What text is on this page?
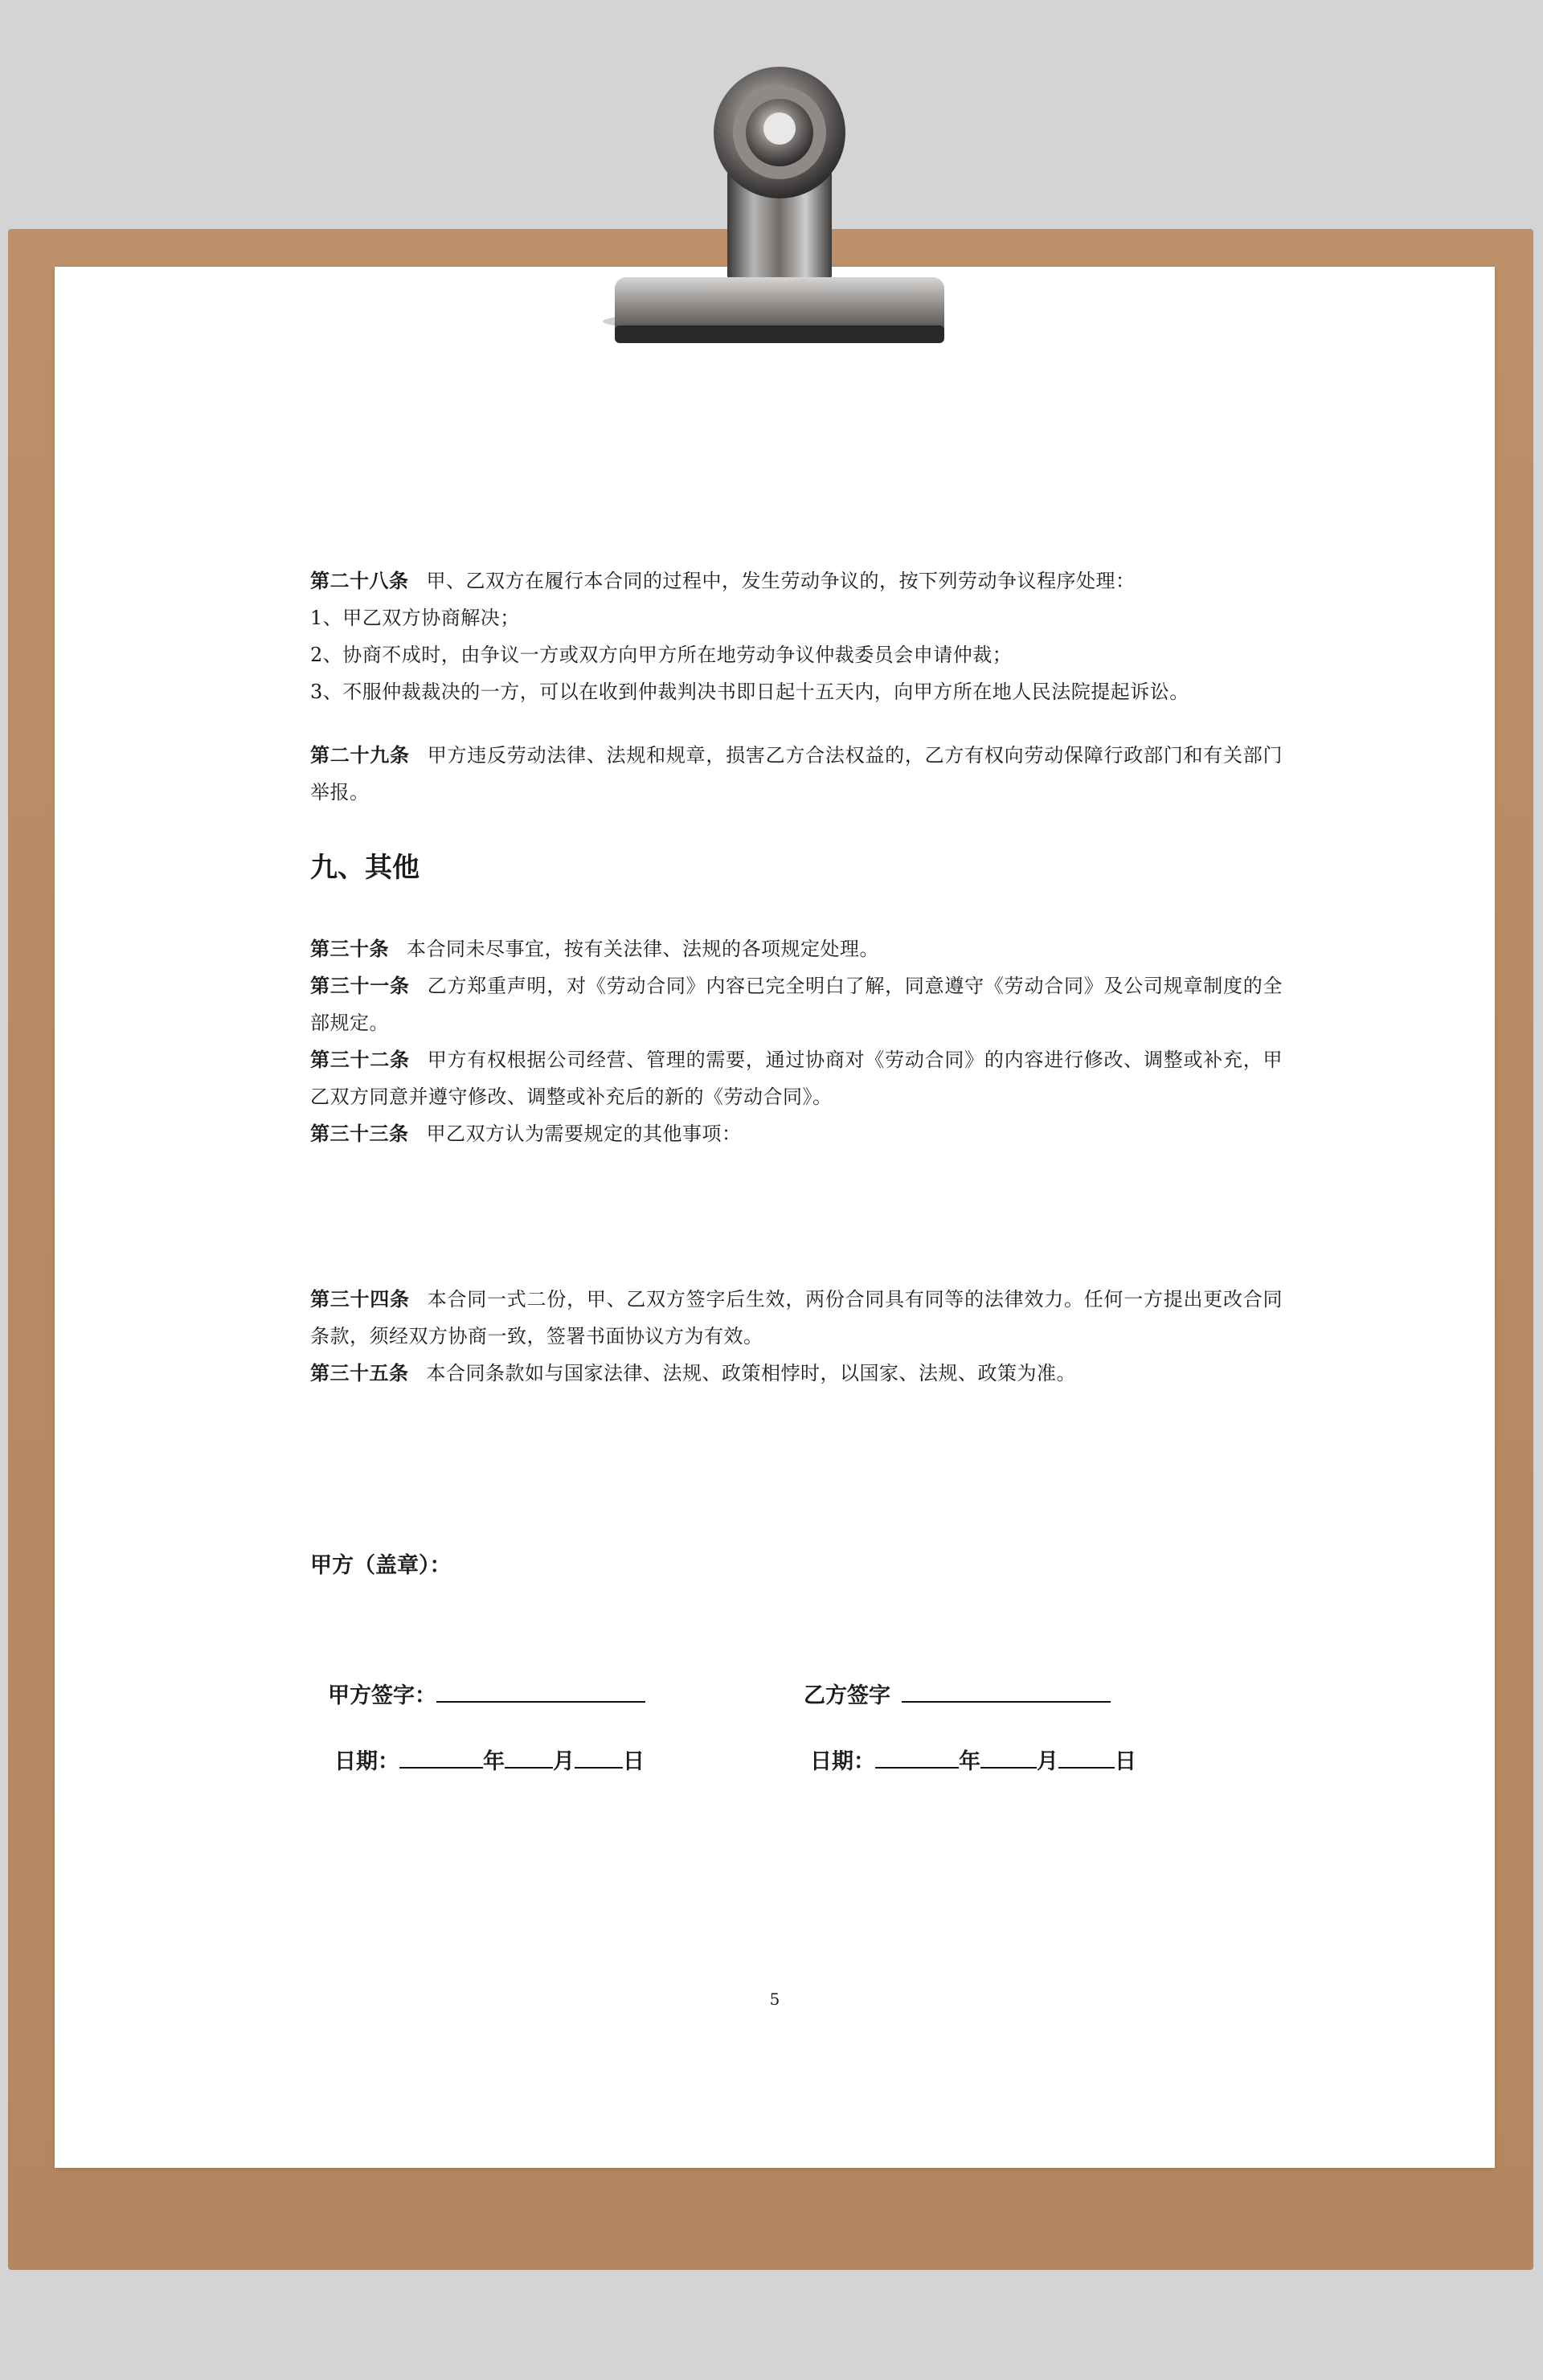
第二十八条 甲、乙双方在履行本合同的过程中，发生劳动争议的，按下列劳动争议程序处理：
1、甲乙双方协商解决；
2、协商不成时，由争议一方或双方向甲方所在地劳动争议仲裁委员会申请仲裁；
3、不服仲裁裁决的一方，可以在收到仲裁判决书即日起十五天内，向甲方所在地人民法院提起诉讼。
第二十九条 甲方违反劳动法律、法规和规章，损害乙方合法权益的，乙方有权向劳动保障行政部门和有关部门举报。
九、其他
第三十条 本合同未尽事宜，按有关法律、法规的各项规定处理。
第三十一条 乙方郑重声明，对《劳动合同》内容已完全明白了解，同意遵守《劳动合同》及公司规章制度的全部规定。
第三十二条 甲方有权根据公司经营、管理的需要，通过协商对《劳动合同》的内容进行修改、调整或补充，甲乙双方同意并遵守修改、调整或补充后的新的《劳动合同》。
第三十三条 甲乙双方认为需要规定的其他事项：
第三十四条 本合同一式二份，甲、乙双方签字后生效，两份合同具有同等的法律效力。任何一方提出更改合同条款，须经双方协商一致，签署书面协议方为有效。
第三十五条 本合同条款如与国家法律、法规、政策相悖时，以国家、法规、政策为准。
甲方（盖章）：
甲方签字：	乙方签字
日期：	年 月 日	日期：	年	月	日
5
